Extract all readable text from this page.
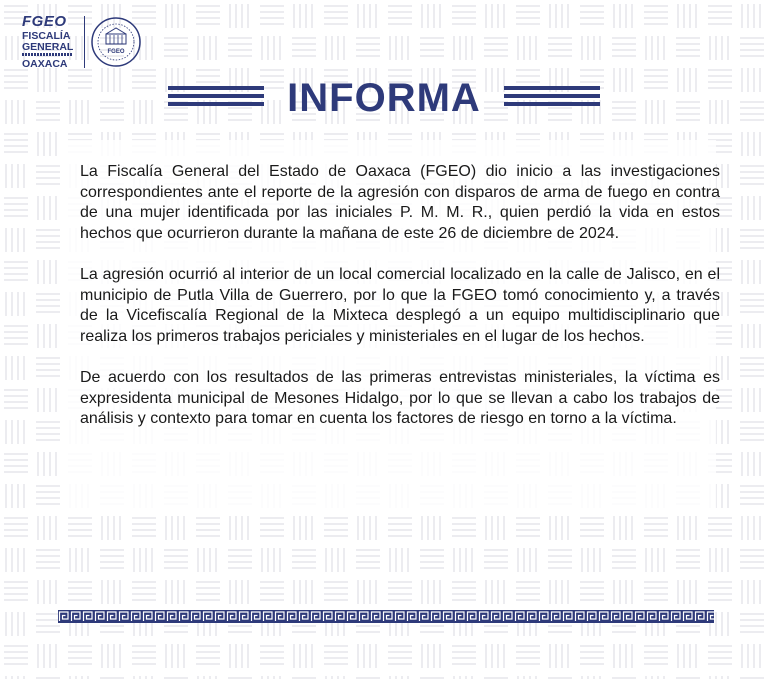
FGEO
FISCALÍA
GENERAL
OAXACA
FGEO
INFORMA

La Fiscalía General del Estado de Oaxaca (FGEO) dio inicio a las investigaciones correspondientes ante el reporte de la agresión con disparos de arma de fuego en contra de una mujer identificada por las iniciales P. M. M. R., quien perdió la vida en estos hechos que ocurrieron durante la mañana de este 26 de diciembre de 2024.

La agresión ocurrió al interior de un local comercial localizado en la calle de Jalisco, en el municipio de Putla Villa de Guerrero, por lo que la FGEO tomó conocimiento y, a través de la Vicefiscalía Regional de la Mixteca desplegó a un equipo multidisciplinario que realiza los primeros trabajos periciales y ministeriales en el lugar de los hechos.

De acuerdo con los resultados de las primeras entrevistas ministeriales, la víctima es expresidenta municipal de Mesones Hidalgo, por lo que se llevan a cabo los trabajos de análisis y contexto para tomar en cuenta los factores de riesgo en torno a la víctima.
